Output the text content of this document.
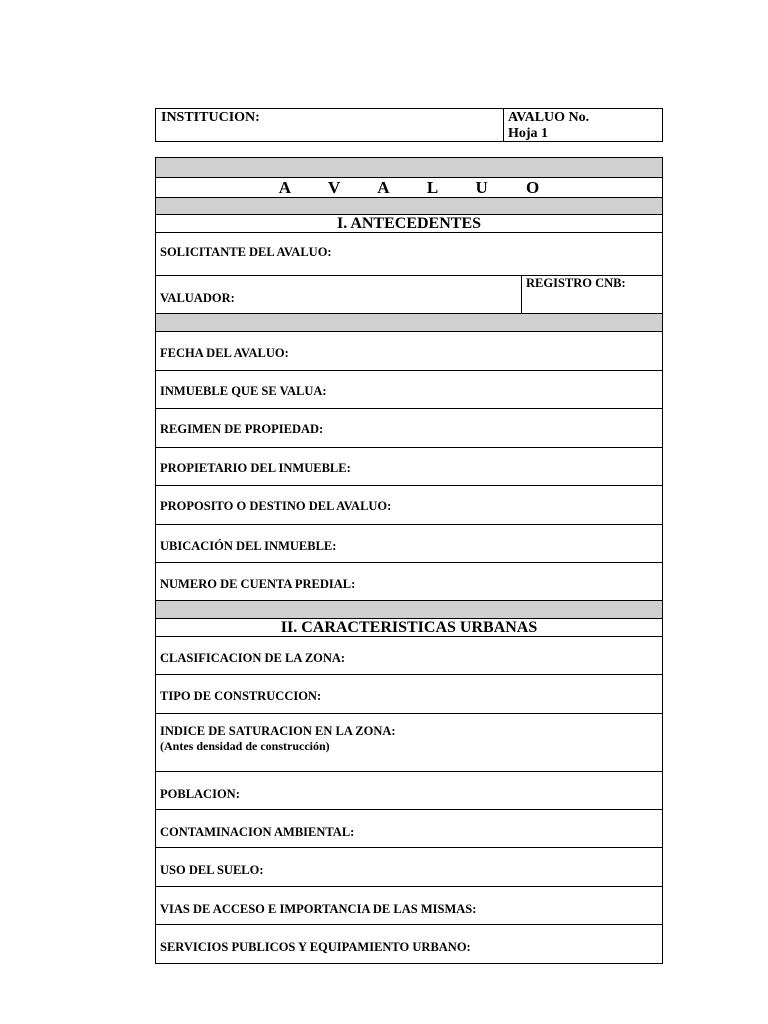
INSTITUCION:	AVALUO No.
Hoja 1
A V A L U O
I. ANTECEDENTES
SOLICITANTE DEL AVALUO:
VALUADOR:
REGISTRO CNB:
FECHA DEL AVALUO:
INMUEBLE QUE SE VALUA:
REGIMEN DE PROPIEDAD:
PROPIETARIO DEL INMUEBLE:
PROPOSITO O DESTINO DEL AVALUO:
UBICACIÓN DEL INMUEBLE:
NUMERO DE CUENTA PREDIAL:
II. CARACTERISTICAS URBANAS
CLASIFICACION DE LA ZONA:
TIPO DE CONSTRUCCION:
INDICE DE SATURACION EN LA ZONA:
(Antes densidad de construcción)
POBLACION:
CONTAMINACION AMBIENTAL:
USO DEL SUELO:
VIAS DE ACCESO E IMPORTANCIA DE LAS MISMAS:
SERVICIOS PUBLICOS Y EQUIPAMIENTO URBANO:
